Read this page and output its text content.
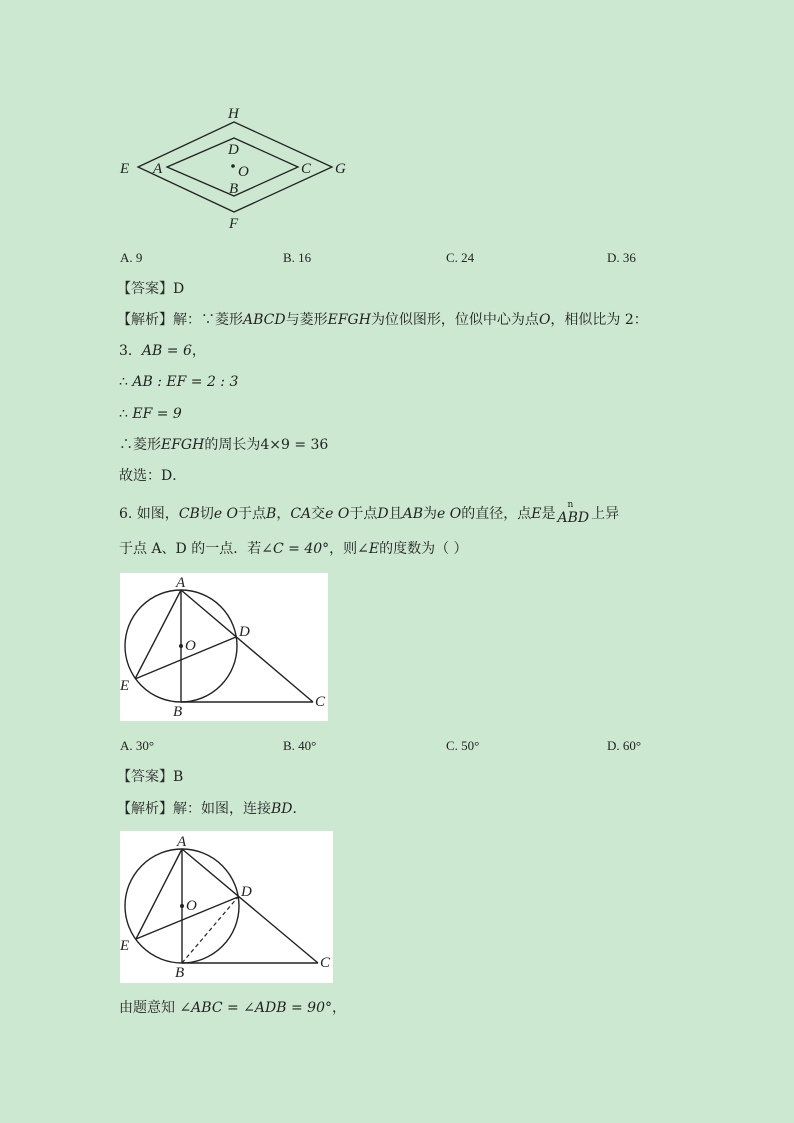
H
D
O
B
E A	C G
F
A. 9	B. 16	C. 24	D. 36
【答案】D
【解析】解：∵菱形ABCD与菱形EFGH为位似图形，位似中心为点O，相似比为 2：
3．AB = 6，
∴ AB : EF = 2 : 3
∴ EF = 9
∴菱形EFGH的周长为4×9 = 36
故选：D．
6. 如图，CB切e O于点B，CA交e O于点D且AB为e O的直径，点E是
n
ABD 上异
于点 A、D 的一点．若∠C = 40°，则∠E的度数为（ ）
A
D
O
E
B
C
A. 30°	B. 40°	C. 50°	D. 60°
【答案】B
【解析】解：如图，连接BD．
A
D
O
E
B
C
由题意知 ∠ABC = ∠ADB = 90°，
